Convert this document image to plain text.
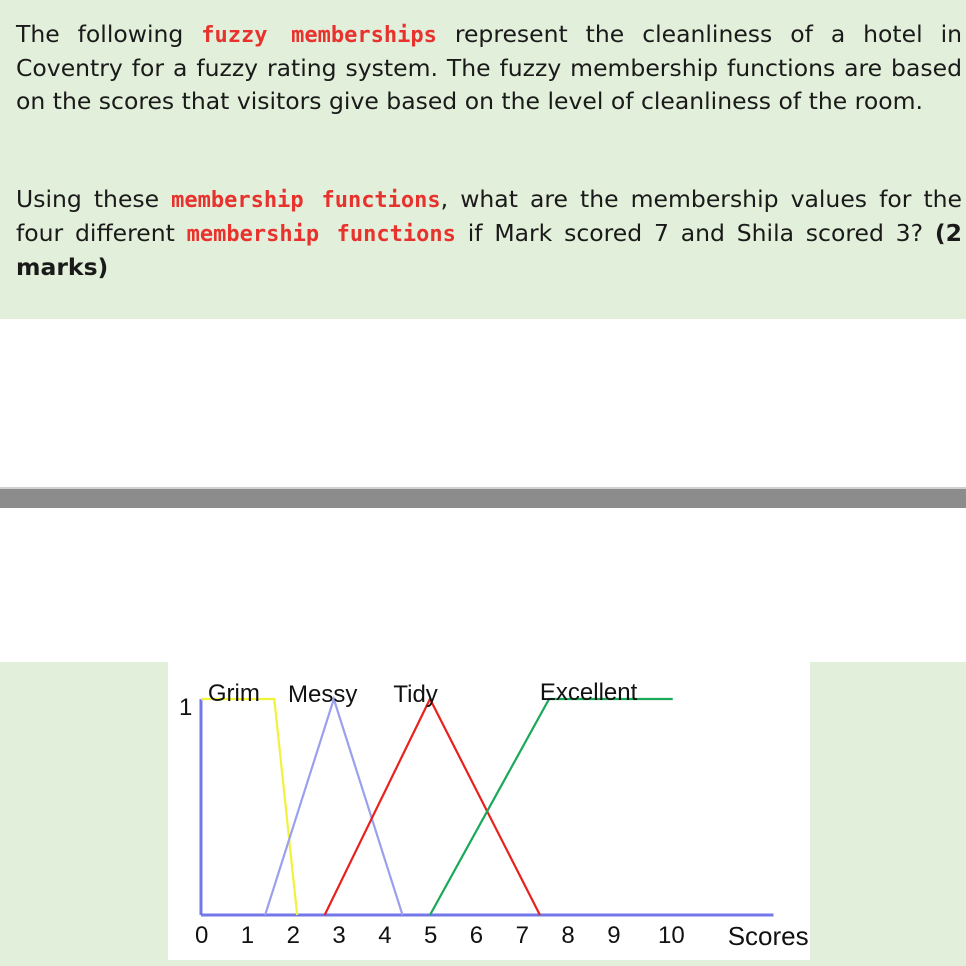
The following fuzzy memberships represent the cleanliness of a hotel in Coventry for a fuzzy rating system. The fuzzy membership functions are based on the scores that visitors give based on the level of cleanliness of the room.

Using these membership functions, what are the membership values for the four different membership functions if Mark scored 7 and Shila scored 3? (2 marks)

Grim Messy Tidy	Excellent
1
0 1 2 3 4 5 6 7 8 9 10 Scores
